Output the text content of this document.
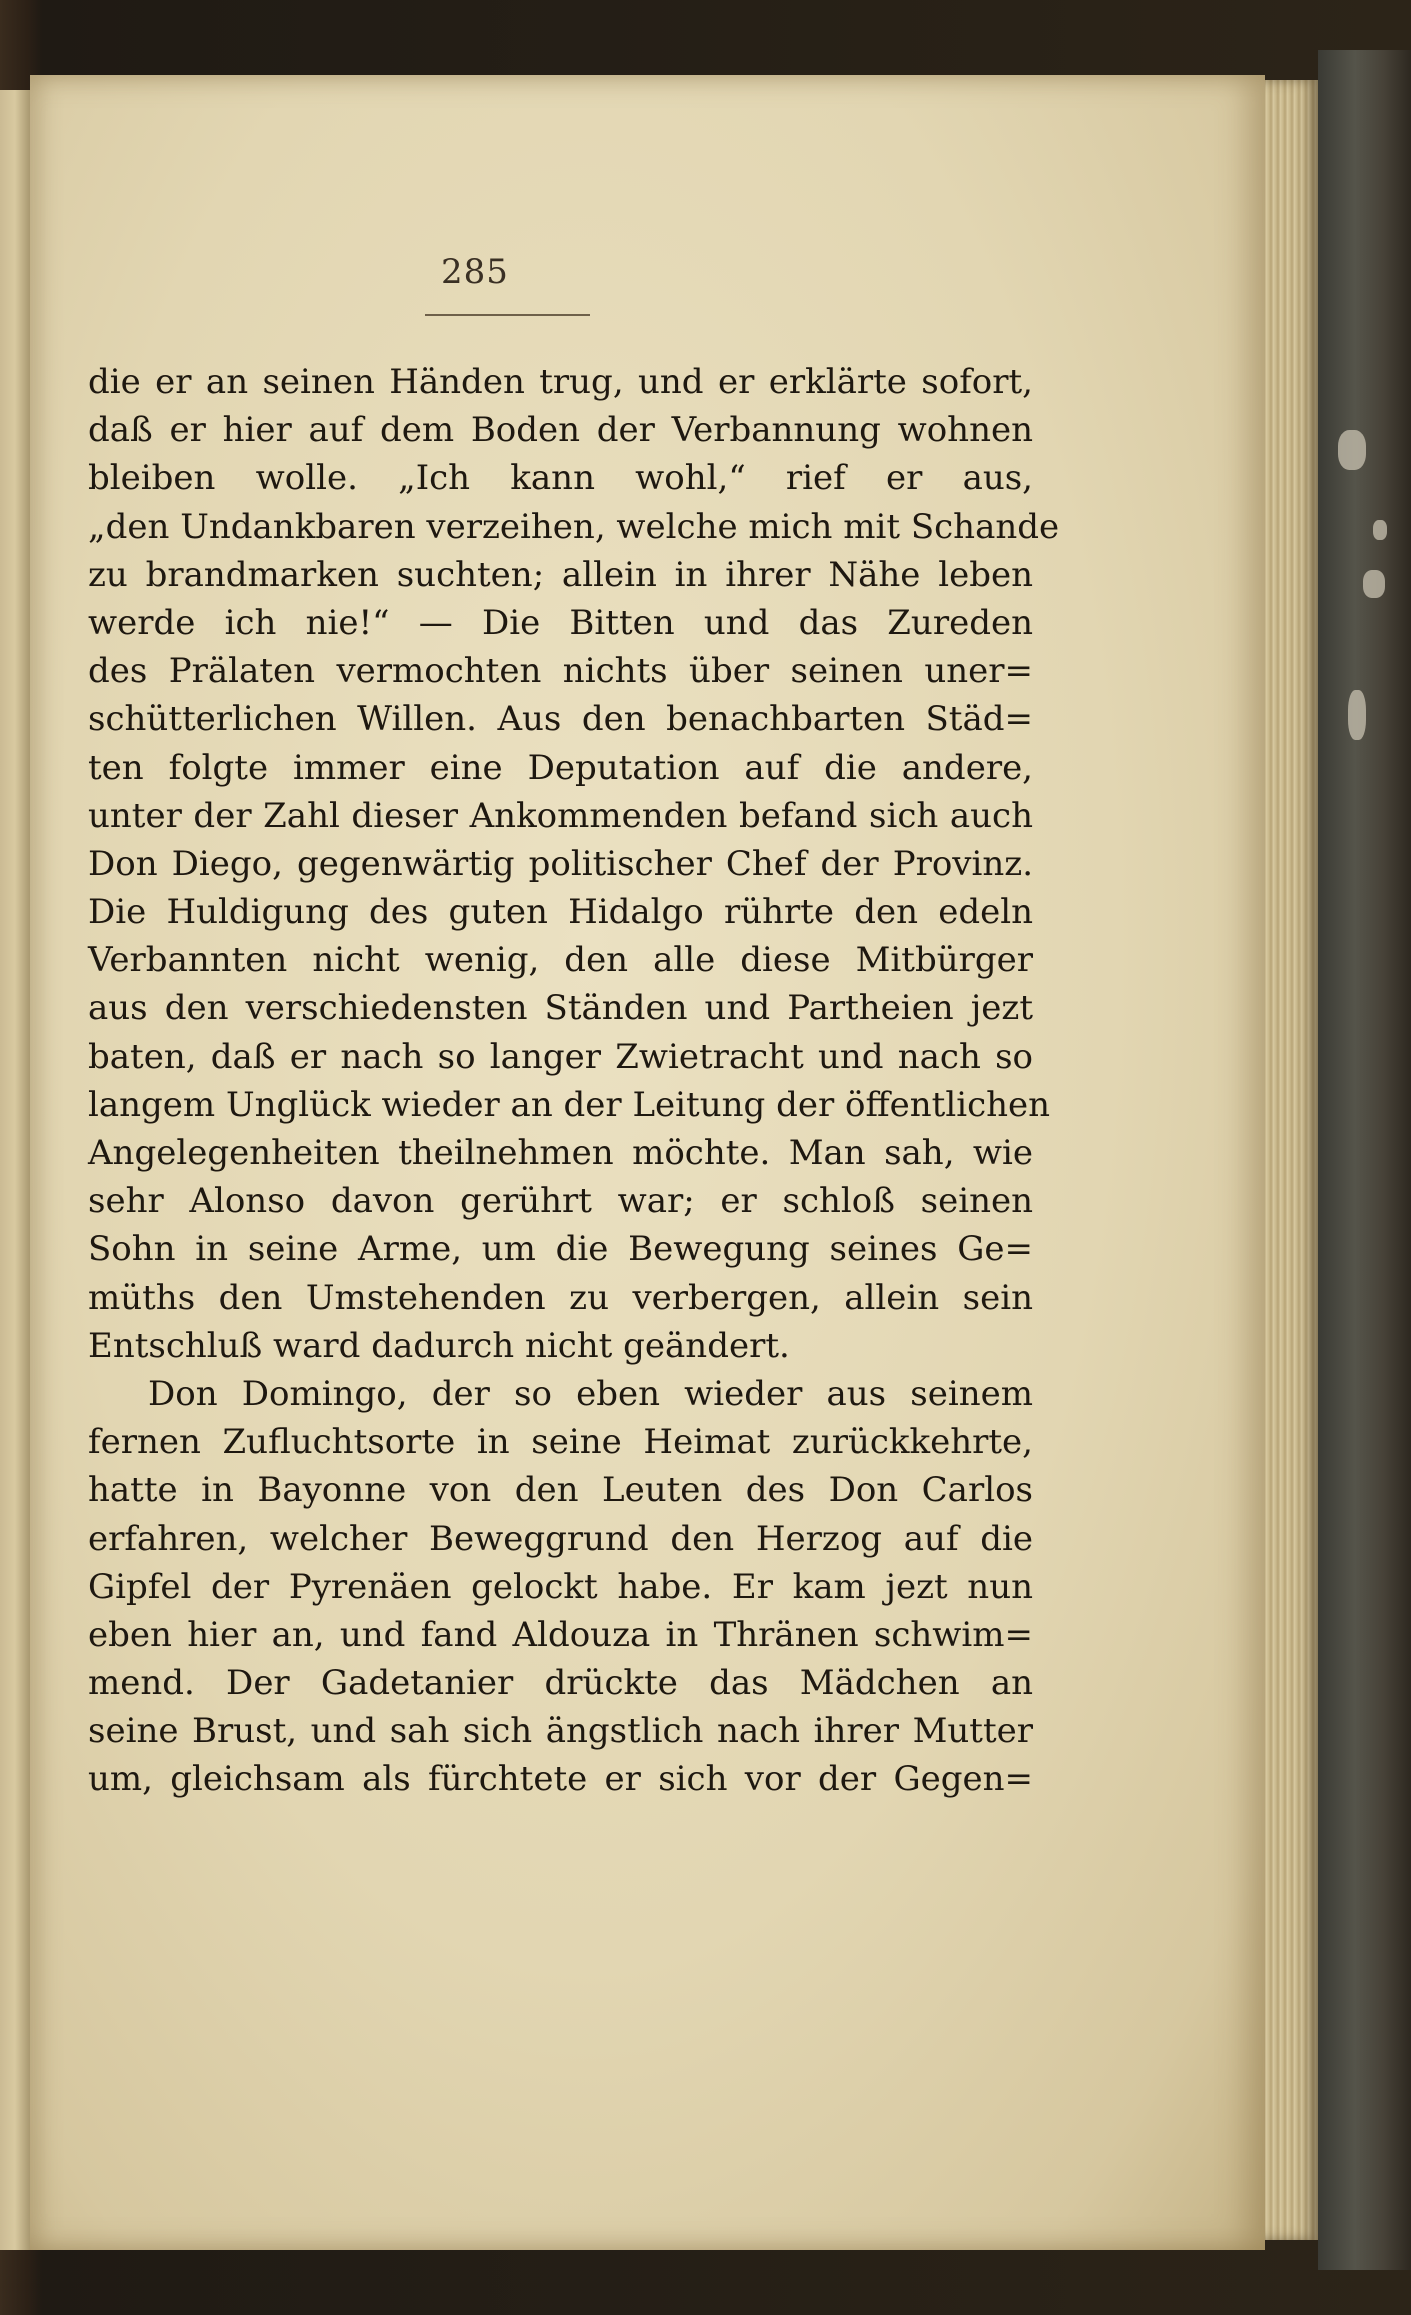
285
die er an seinen Händen trug, und er erklärte sofort,
daß er hier auf dem Boden der Verbannung wohnen
bleiben wolle. „Ich kann wohl,“ rief er aus,
„den Undankbaren verzeihen, welche mich mit Schande
zu brandmarken suchten; allein in ihrer Nähe leben
werde ich nie!“ — Die Bitten und das Zureden
des Prälaten vermochten nichts über seinen uner=
schütterlichen Willen. Aus den benachbarten Städ=
ten folgte immer eine Deputation auf die andere,
unter der Zahl dieser Ankommenden befand sich auch
Don Diego, gegenwärtig politischer Chef der Provinz.
Die Huldigung des guten Hidalgo rührte den edeln
Verbannten nicht wenig, den alle diese Mitbürger
aus den verschiedensten Ständen und Partheien jezt
baten, daß er nach so langer Zwietracht und nach so
langem Unglück wieder an der Leitung der öffentlichen
Angelegenheiten theilnehmen möchte. Man sah, wie
sehr Alonso davon gerührt war; er schloß seinen
Sohn in seine Arme, um die Bewegung seines Ge=
müths den Umstehenden zu verbergen, allein sein
Entschluß ward dadurch nicht geändert.
Don Domingo, der so eben wieder aus seinem
fernen Zufluchtsorte in seine Heimat zurückkehrte,
hatte in Bayonne von den Leuten des Don Carlos
erfahren, welcher Beweggrund den Herzog auf die
Gipfel der Pyrenäen gelockt habe. Er kam jezt nun
eben hier an, und fand Aldouza in Thränen schwim=
mend. Der Gadetanier drückte das Mädchen an
seine Brust, und sah sich ängstlich nach ihrer Mutter
um, gleichsam als fürchtete er sich vor der Gegen=
